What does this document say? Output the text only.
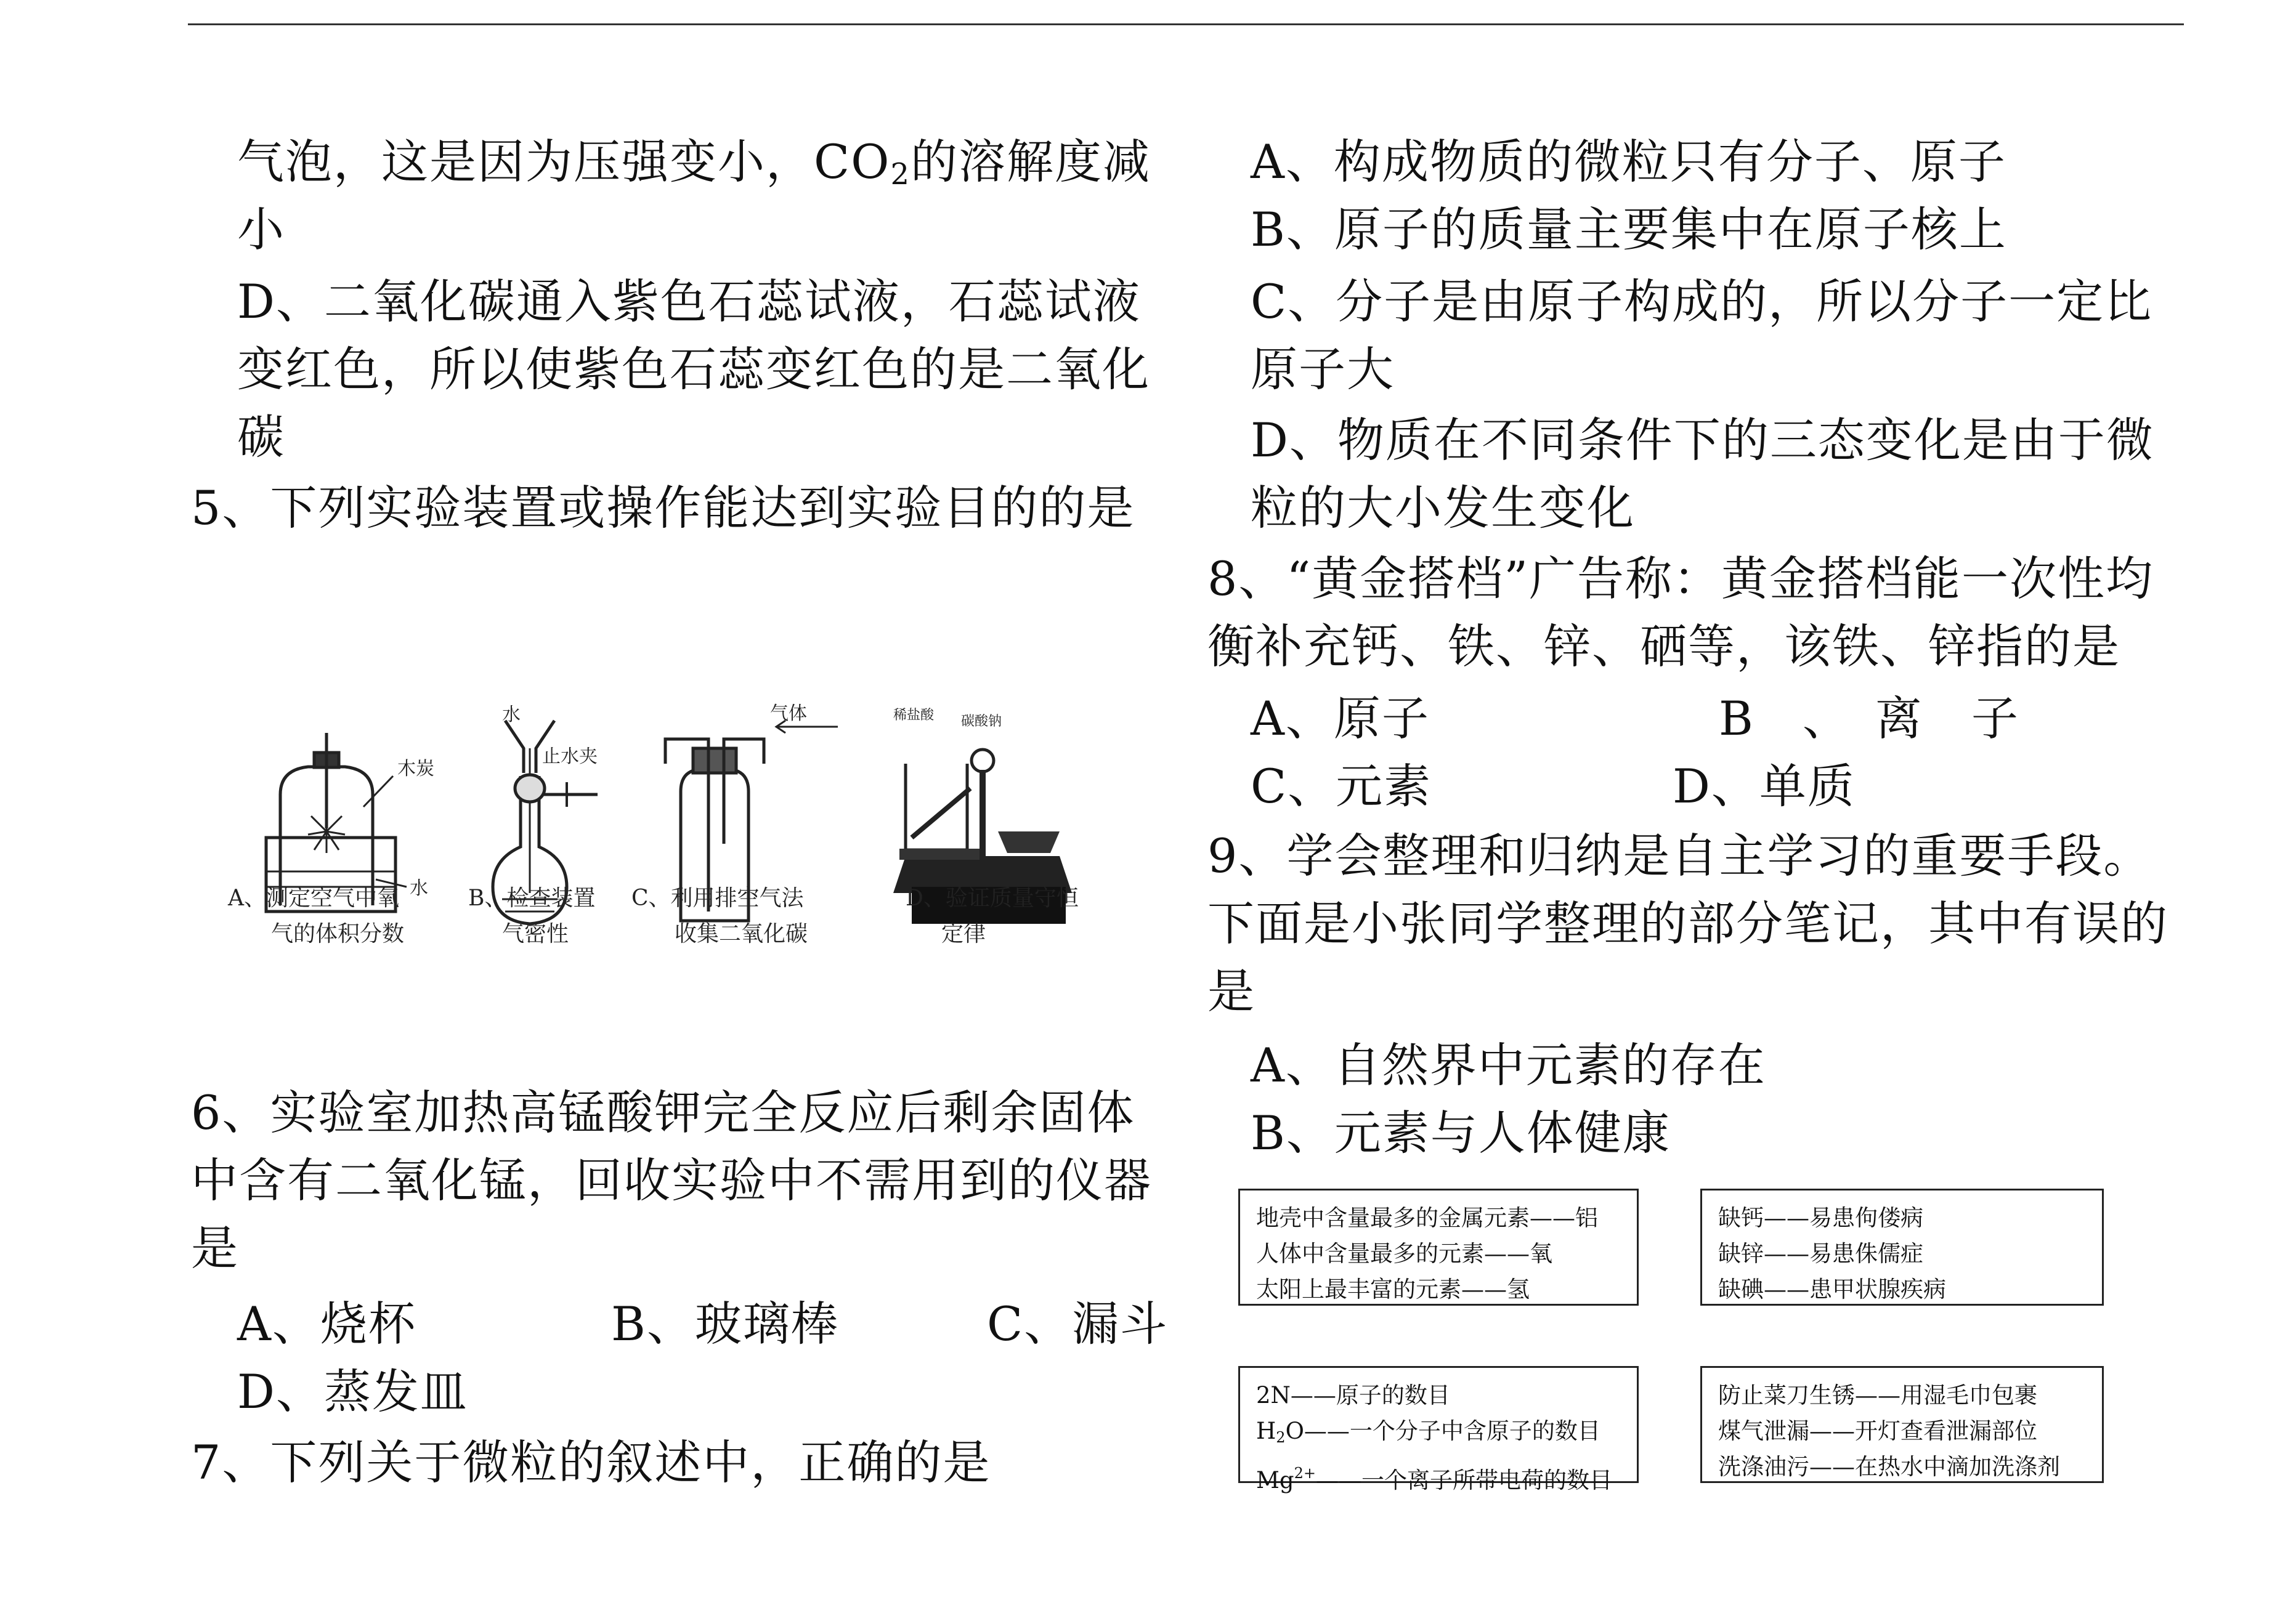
气泡，这是因为压强变小，$CO_2$的溶解度减
小
D、二氧化碳通入紫色石蕊试液，石蕊试液
变红色，所以使紫色石蕊变红色的是二氧化
碳
5、下列实验装置或操作能达到实验目的的是
木炭
水
水
止水夹
气体	稀盐酸 碳酸钠
A、测定空气中氧
气的体积分数
B、检查装置
气密性
C、利用排空气法
收集二氧化碳
D、验证质量守恒
定律
6、实验室加热高锰酸钾完全反应后剩余固体
中含有二氧化锰，回收实验中不需用到的仪器
是
A、烧杯	B、玻璃棒	C、漏斗
D、蒸发皿
7、下列关于微粒的叙述中，正确的是
A、构成物质的微粒只有分子、原子
B、原子的质量主要集中在原子核上
C、分子是由原子构成的，所以分子一定比
原子大
D、物质在不同条件下的三态变化是由于微
粒的大小发生变化
8、“黄金搭档”广告称：黄金搭档能一次性均
衡补充钙、铁、锌、硒等，该铁、锌指的是
A、原子	B　、　离　子
C、元素	D、单质
9、学会整理和归纳是自主学习的重要手段。
下面是小张同学整理的部分笔记，其中有误的
是
A、自然界中元素的存在
B、元素与人体健康
地壳中含量最多的金属元素——铝
人体中含量最多的元素——氧
太阳上最丰富的元素——氢
缺钙——易患佝偻病
缺锌——易患侏儒症
缺碘——患甲状腺疾病
2N——原子的数目
$H_2O——$一个分子中含原子的数目
$Mg^{2+}——$一个离子所带电荷的数目
防止菜刀生锈——用湿毛巾包裹
煤气泄漏——开灯查看泄漏部位
洗涤油污——在热水中滴加洗涤剂
